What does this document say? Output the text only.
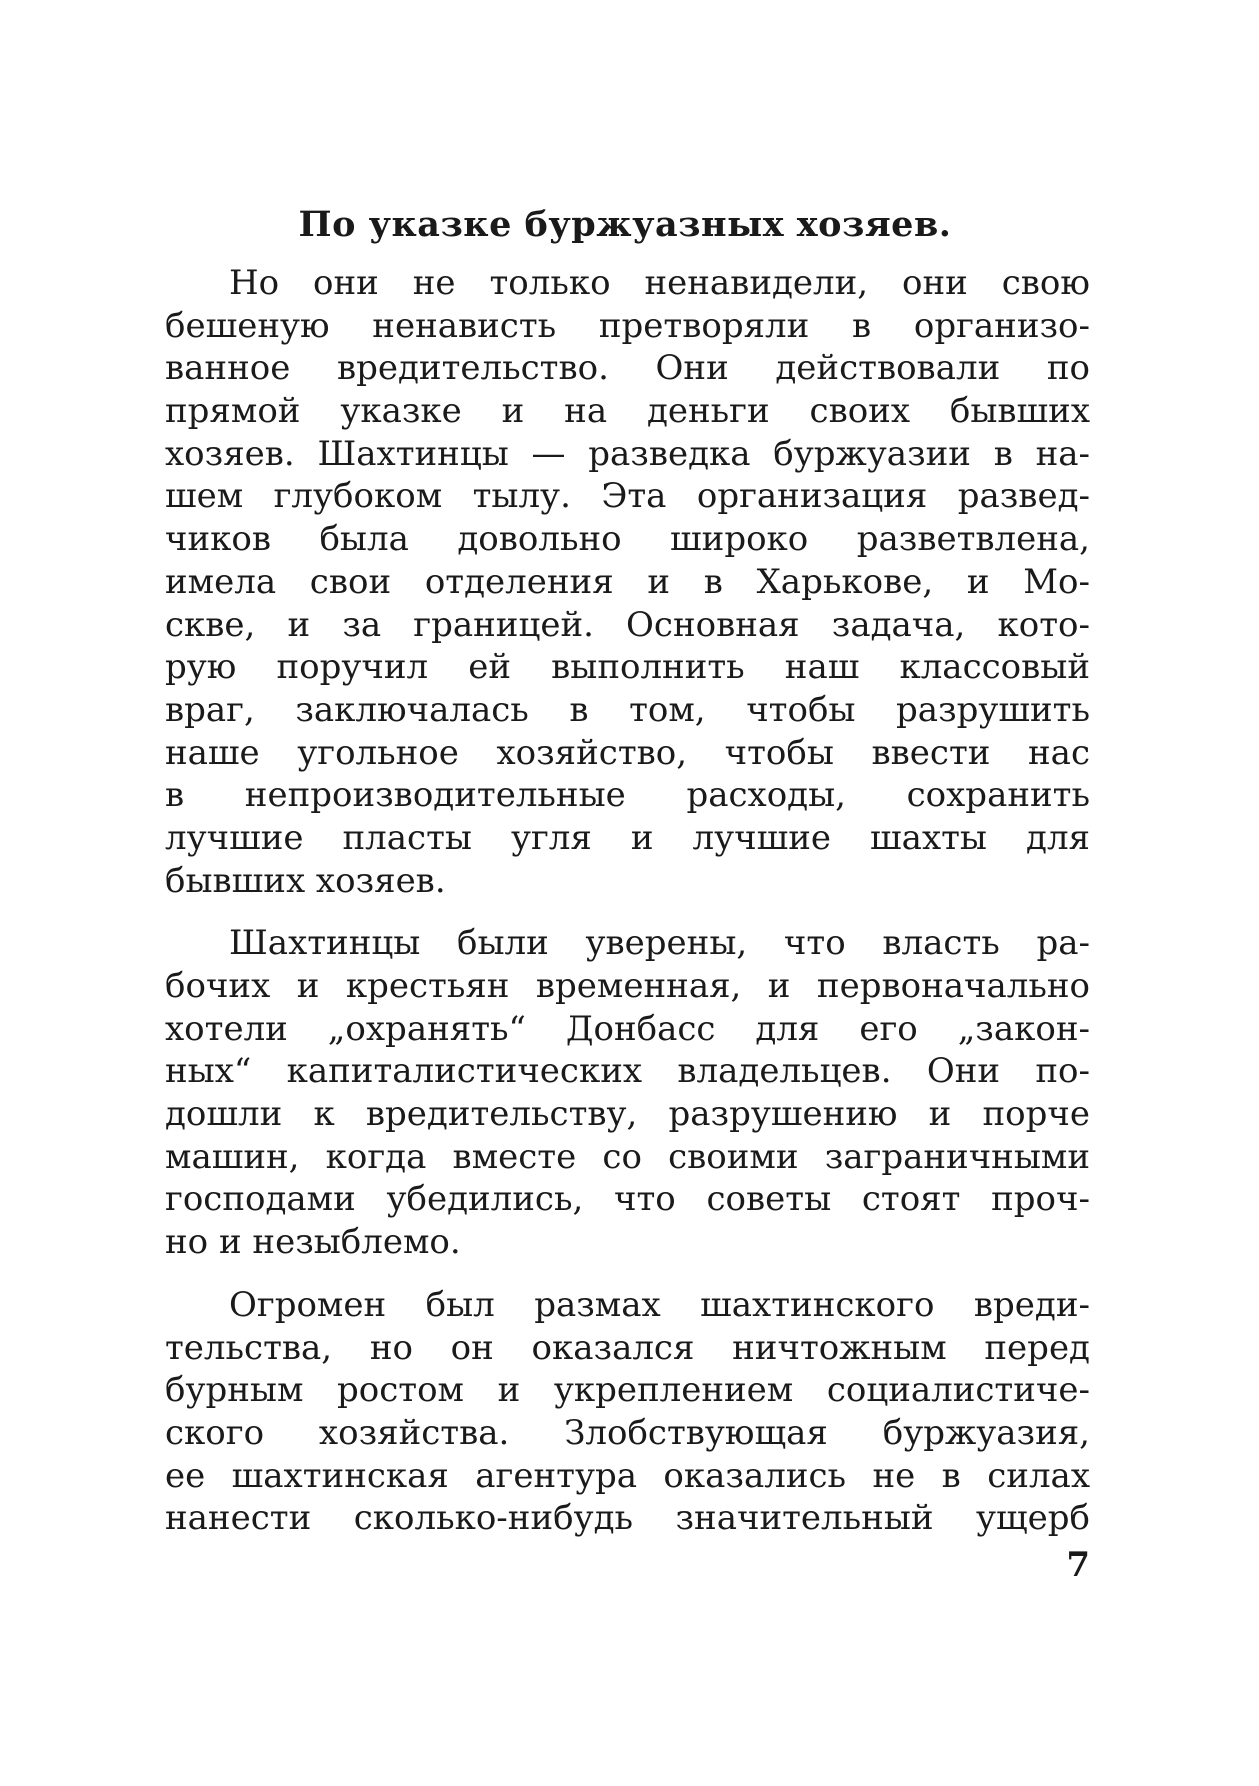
По указке буржуазных хозяев.

Но они не только ненавидели, они свою
бешеную ненависть претворяли в организо-
ванное вредительство. Они действовали по
прямой указке и на деньги своих бывших
хозяев. Шахтинцы — разведка буржуазии в на-
шем глубоком тылу. Эта организация развед-
чиков была довольно широко разветвлена,
имела свои отделения и в Харькове, и Мо-
скве, и за границей. Основная задача, кото-
рую поручил ей выполнить наш классовый
враг, заключалась в том, чтобы разрушить
наше угольное хозяйство, чтобы ввести нас
в непроизводительные расходы, сохранить
лучшие пласты угля и лучшие шахты для
бывших хозяев.

Шахтинцы были уверены, что власть ра-
бочих и крестьян временная, и первоначально
хотели „охранять“ Донбасс для его „закон-
ных“ капиталистических владельцев. Они по-
дошли к вредительству, разрушению и порче
машин, когда вместе со своими заграничными
господами убедились, что советы стоят проч-
но и незыблемо.

Огромен был размах шахтинского вреди-
тельства, но он оказался ничтожным перед
бурным ростом и укреплением социалистиче-
ского хозяйства. Злобствующая буржуазия,
ее шахтинская агентура оказались не в силах
нанести сколько-нибудь значительный ущерб

7
